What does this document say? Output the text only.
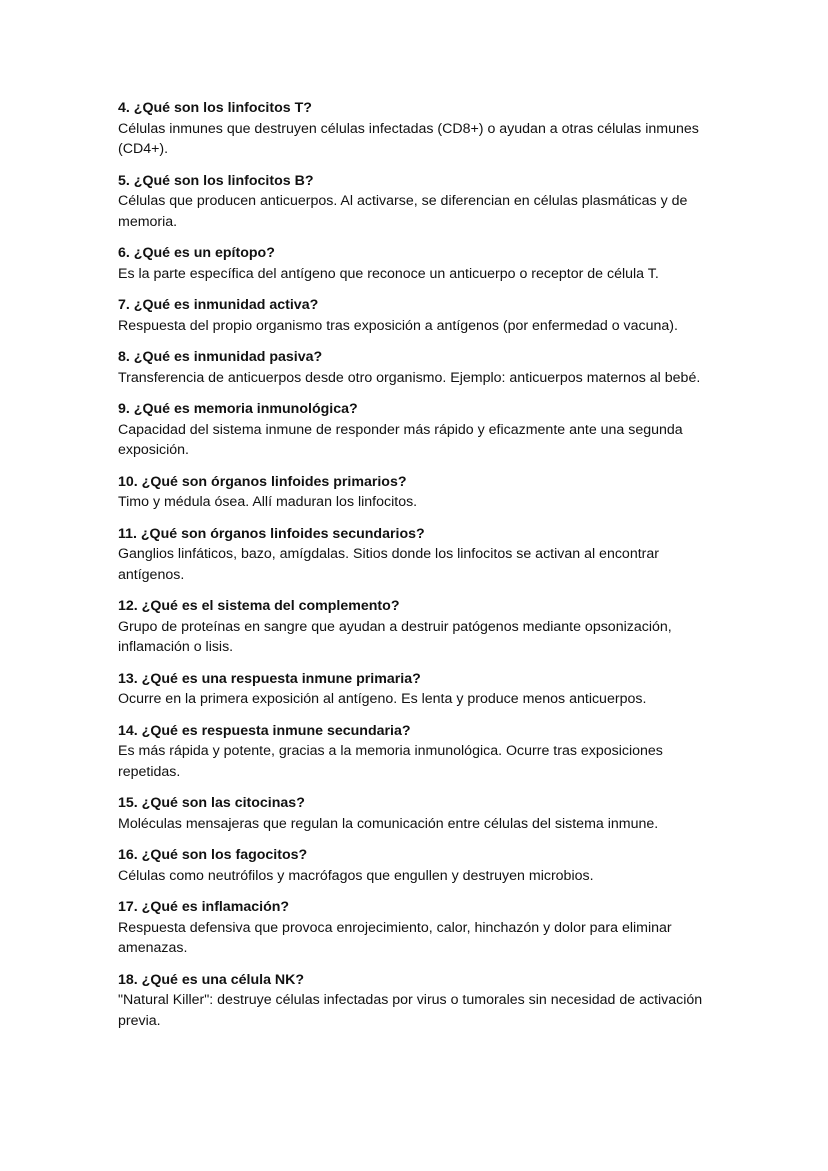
4. ¿Qué son los linfocitos T?

Células inmunes que destruyen células infectadas (CD8+) o ayudan a otras células inmunes (CD4+).

5. ¿Qué son los linfocitos B?

Células que producen anticuerpos. Al activarse, se diferencian en células plasmáticas y de memoria.

6. ¿Qué es un epítopo?

Es la parte específica del antígeno que reconoce un anticuerpo o receptor de célula T.

7. ¿Qué es inmunidad activa?

Respuesta del propio organismo tras exposición a antígenos (por enfermedad o vacuna).

8. ¿Qué es inmunidad pasiva?

Transferencia de anticuerpos desde otro organismo. Ejemplo: anticuerpos maternos al bebé.

9. ¿Qué es memoria inmunológica?

Capacidad del sistema inmune de responder más rápido y eficazmente ante una segunda exposición.

10. ¿Qué son órganos linfoides primarios?

Timo y médula ósea. Allí maduran los linfocitos.

11. ¿Qué son órganos linfoides secundarios?

Ganglios linfáticos, bazo, amígdalas. Sitios donde los linfocitos se activan al encontrar antígenos.

12. ¿Qué es el sistema del complemento?

Grupo de proteínas en sangre que ayudan a destruir patógenos mediante opsonización, inflamación o lisis.

13. ¿Qué es una respuesta inmune primaria?

Ocurre en la primera exposición al antígeno. Es lenta y produce menos anticuerpos.

14. ¿Qué es respuesta inmune secundaria?

Es más rápida y potente, gracias a la memoria inmunológica. Ocurre tras exposiciones repetidas.

15. ¿Qué son las citocinas?

Moléculas mensajeras que regulan la comunicación entre células del sistema inmune.

16. ¿Qué son los fagocitos?

Células como neutrófilos y macrófagos que engullen y destruyen microbios.

17. ¿Qué es inflamación?

Respuesta defensiva que provoca enrojecimiento, calor, hinchazón y dolor para eliminar amenazas.

18. ¿Qué es una célula NK?

"Natural Killer": destruye células infectadas por virus o tumorales sin necesidad de activación previa.
